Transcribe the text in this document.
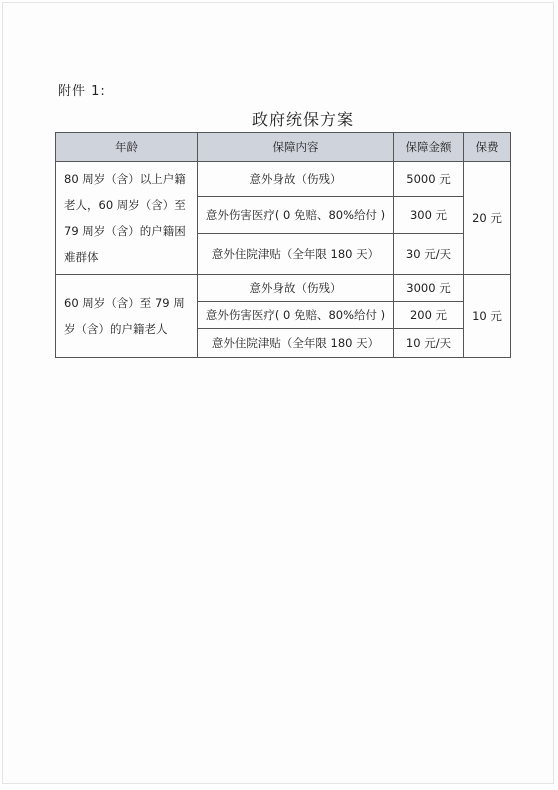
附件 1:
政府统保方案
年龄	保障内容	保障金额	保费
80 周岁（含）以上户籍老人，60 周岁（含）至 79 周岁（含）的户籍困难群体	意外身故（伤残）	5000 元	20 元
	意外伤害医疗( 0 免赔、80%给付 )	300 元	
	意外住院津贴（全年限 180 天）	30 元/天	
60 周岁（含）至 79 周岁（含）的户籍老人	意外身故（伤残）	3000 元	10 元
	意外伤害医疗( 0 免赔、80%给付 )	200 元	
	意外住院津贴（全年限 180 天）	10 元/天	
